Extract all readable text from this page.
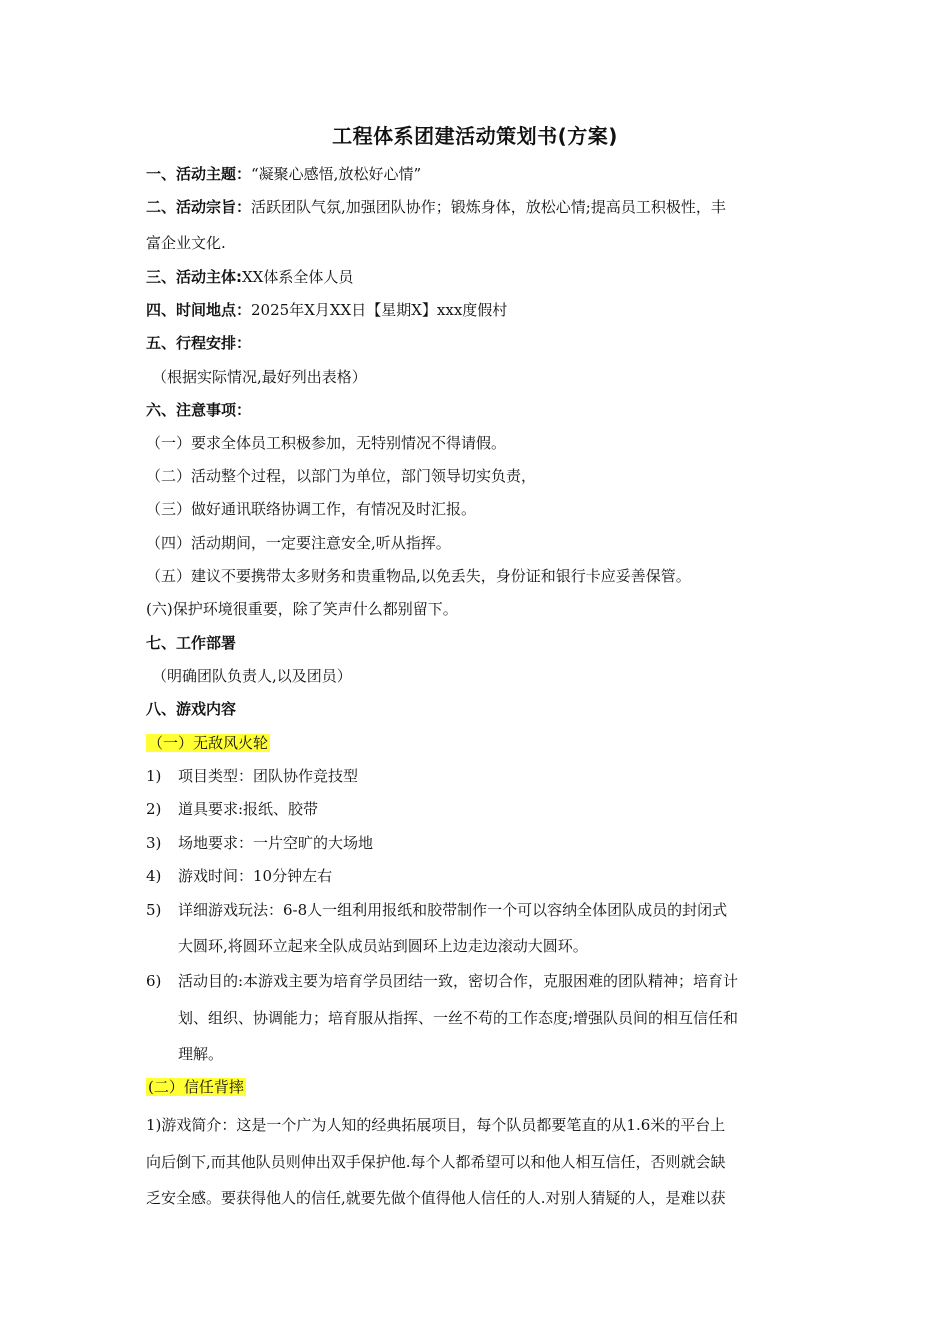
工程体系团建活动策划书(方案)
一、活动主题：“凝聚心感悟,放松好心情”
二、活动宗旨：活跃团队气氛,加强团队协作；锻炼身体，放松心情;提高员工积极性，丰
富企业文化.
三、活动主体:XX体系全体人员
四、时间地点：2025年X月XX日【星期X】xxx度假村
五、行程安排：
（根据实际情况,最好列出表格）
六、注意事项：
（一）要求全体员工积极参加，无特别情况不得请假。
（二）活动整个过程，以部门为单位，部门领导切实负责，
（三）做好通讯联络协调工作，有情况及时汇报。
（四）活动期间，一定要注意安全,听从指挥。
（五）建议不要携带太多财务和贵重物品,以免丢失，身份证和银行卡应妥善保管。
(六)保护环境很重要，除了笑声什么都别留下。
七、工作部署
（明确团队负责人,以及团员）
八、游戏内容
（一）无敌风火轮
1) 项目类型：团队协作竞技型
2) 道具要求:报纸、胶带
3) 场地要求：一片空旷的大场地
4) 游戏时间：10分钟左右
5) 详细游戏玩法：6-8人一组利用报纸和胶带制作一个可以容纳全体团队成员的封闭式
大圆环,将圆环立起来全队成员站到圆环上边走边滚动大圆环。
6) 活动目的:本游戏主要为培育学员团结一致，密切合作，克服困难的团队精神；培育计
划、组织、协调能力；培育服从指挥、一丝不苟的工作态度;增强队员间的相互信任和
理解。
(二）信任背摔
1)游戏简介：这是一个广为人知的经典拓展项目，每个队员都要笔直的从1.6米的平台上
向后倒下,而其他队员则伸出双手保护他.每个人都希望可以和他人相互信任，否则就会缺
乏安全感。要获得他人的信任,就要先做个值得他人信任的人.对别人猜疑的人，是难以获
